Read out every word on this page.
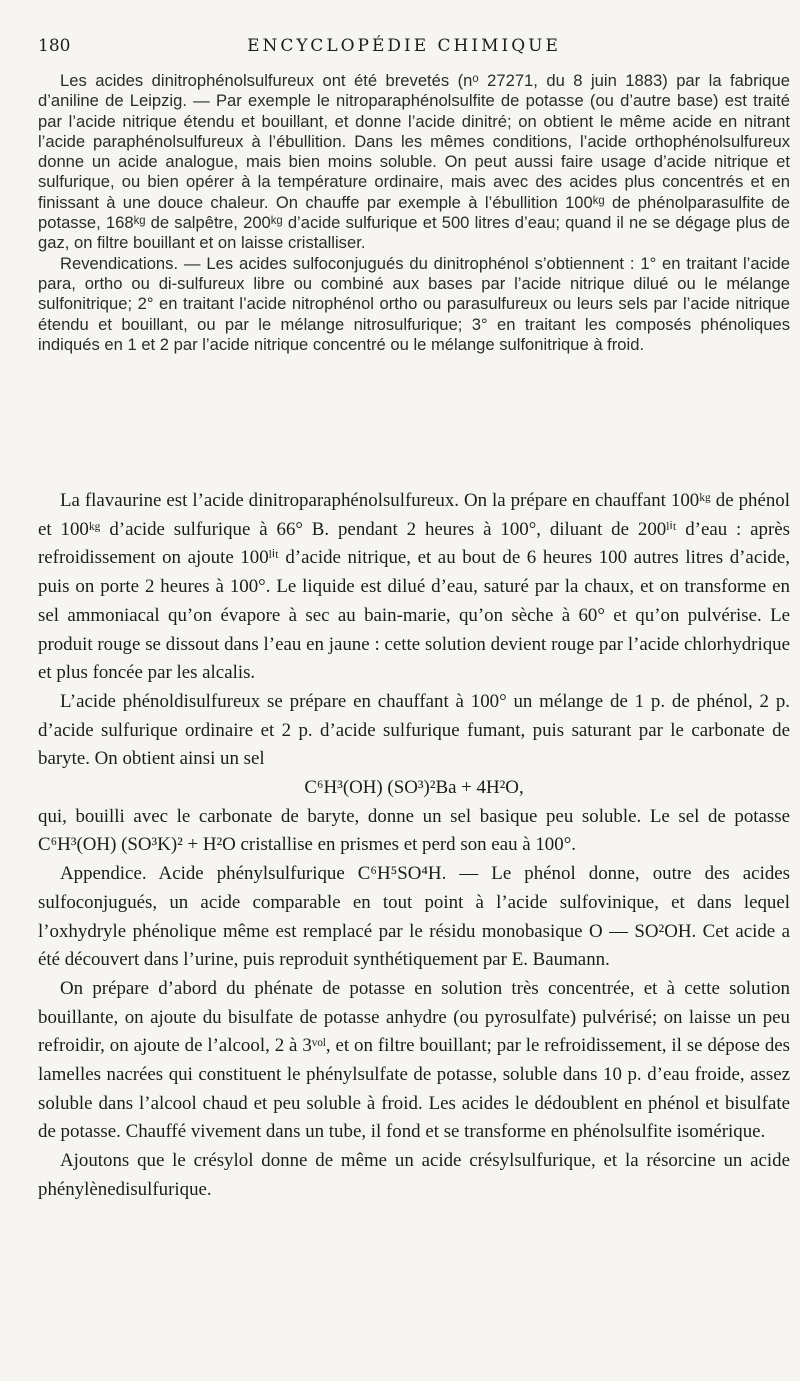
180	ENCYCLOPÉDIE CHIMIQUE

Les acides dinitrophénolsulfureux ont été brevetés (nᵒ 27271, du 8 juin 1883) par la fabrique d’aniline de Leipzig. — Par exemple le nitroparaphénolsulfite de potasse (ou d’autre base) est traité par l’acide nitrique étendu et bouillant, et donne l’acide dinitré; on obtient le même acide en nitrant l’acide paraphénolsulfureux à l’ébullition. Dans les mêmes conditions, l’acide orthophénolsulfureux donne un acide analogue, mais bien moins soluble. On peut aussi faire usage d’acide nitrique et sulfurique, ou bien opérer à la température ordinaire, mais avec des acides plus concentrés et en finissant à une douce chaleur. On chauffe par exemple à l’ébullition 100ᵏᵍ de phénolparasulfite de potasse, 168ᵏᵍ de salpêtre, 200ᵏᵍ d’acide sulfurique et 500 litres d’eau; quand il ne se dégage plus de gaz, on filtre bouillant et on laisse cristalliser.

Revendications. — Les acides sulfoconjugués du dinitrophénol s’obtiennent : 1° en traitant l’acide para, ortho ou di-sulfureux libre ou combiné aux bases par l’acide nitrique dilué ou le mélange sulfonitrique; 2° en traitant l’acide nitrophénol ortho ou parasulfureux ou leurs sels par l’acide nitrique étendu et bouillant, ou par le mélange nitrosulfurique; 3° en traitant les composés phénoliques indiqués en 1 et 2 par l’acide nitrique concentré ou le mélange sulfonitrique à froid.

La flavaurine est l’acide dinitroparaphénolsulfureux. On la prépare en chauffant 100ᵏᵍ de phénol et 100ᵏᵍ d’acide sulfurique à 66° B. pendant 2 heures à 100°, diluant de 200ˡⁱᵗ d’eau : après refroidissement on ajoute 100ˡⁱᵗ d’acide nitrique, et au bout de 6 heures 100 autres litres d’acide, puis on porte 2 heures à 100°. Le liquide est dilué d’eau, saturé par la chaux, et on transforme en sel ammoniacal qu’on évapore à sec au bain-marie, qu’on sèche à 60° et qu’on pulvérise. Le produit rouge se dissout dans l’eau en jaune : cette solution devient rouge par l’acide chlorhydrique et plus foncée par les alcalis.

L’acide phénoldisulfureux se prépare en chauffant à 100° un mélange de 1 p. de phénol, 2 p. d’acide sulfurique ordinaire et 2 p. d’acide sulfurique fumant, puis saturant par le carbonate de baryte. On obtient ainsi un sel

C⁶H³(OH) (SO³)²Ba + 4H²O,

qui, bouilli avec le carbonate de baryte, donne un sel basique peu soluble. Le sel de potasse C⁶H³(OH) (SO³K)² + H²O cristallise en prismes et perd son eau à 100°.

Appendice. Acide phénylsulfurique C⁶H⁵SO⁴H. — Le phénol donne, outre des acides sulfoconjugués, un acide comparable en tout point à l’acide sulfovinique, et dans lequel l’oxhydryle phénolique même est remplacé par le résidu monobasique O — SO²OH. Cet acide a été découvert dans l’urine, puis reproduit synthétiquement par E. Baumann.

On prépare d’abord du phénate de potasse en solution très concentrée, et à cette solution bouillante, on ajoute du bisulfate de potasse anhydre (ou pyrosulfate) pulvérisé; on laisse un peu refroidir, on ajoute de l’alcool, 2 à 3ᵛᵒˡ, et on filtre bouillant; par le refroidissement, il se dépose des lamelles nacrées qui constituent le phénylsulfate de potasse, soluble dans 10 p. d’eau froide, assez soluble dans l’alcool chaud et peu soluble à froid. Les acides le dédoublent en phénol et bisulfate de potasse. Chauffé vivement dans un tube, il fond et se transforme en phénolsulfite isomérique.

Ajoutons que le crésylol donne de même un acide crésylsulfurique, et la résorcine un acide phénylènedisulfurique.
